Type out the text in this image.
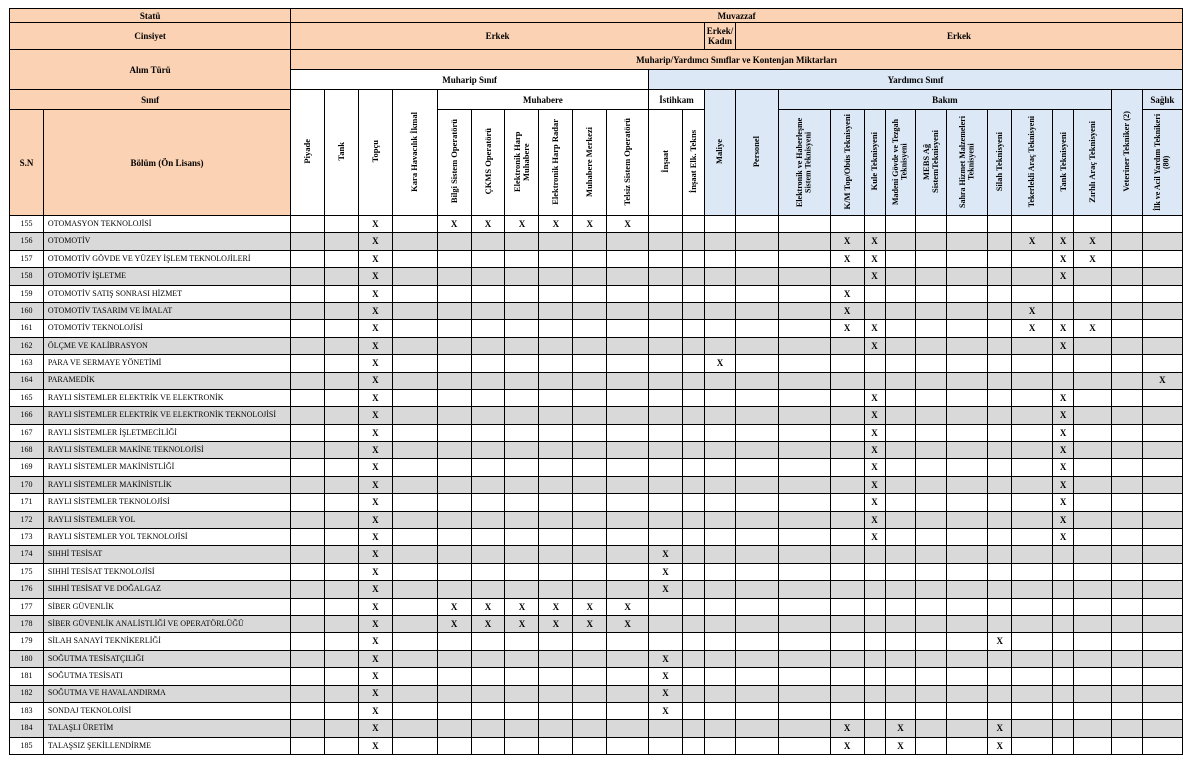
Statü		Muvazzaf																									
Cinsiyet		Erkek												Erkek/ Kadın	Erkek												
Alım Türü		Muharip/Yardımcı Sınıflar ve Kontenjan Miktarları																									
		Muharip Sınıf										Yardımcı Sınıf															
Sınıf		Piyade	Tank	Topçu	Kara Havacılık İkmal	Muhabere						İstihkam		Maliye	Personel	Bakım										Veteriner Tekniker (2)	Sağlık
S.N	Bölüm (Ön Lisans)					Bilgi Sistem Operatörü	ÇKMS Operatörü	Elektronik Harp Muhabere	Elektronik Harp Radar	Muhabere Merkezi	Telsiz Sistem Operatörü	İnşaat	İnşaat Elk. Tekns			Elektronik ve Haberleşme Sistem Teknisyeni	K/M Top/Obüs Teknisyeni	Kule Teknisyeni	Madeni Gövde ve Tezgah Teknisyeni	MEBS Ağ SistemTeknisyeni	Sahra Hizmet Malzemeleri Teknisyeni	Silah Teknisyeni	Tekerlekli Araç Teknisyeni	Tank Teknisyeni	Zırhlı Araç Teknisyeni		İlk ve Acil Yardım Teknikeri (80)
155	OTOMASYON TEKNOLOJİSİ			X		X	X	X	X	X	X																
156	OTOMOTİV			X													X	X					X	X	X		
157	OTOMOTİV GÖVDE VE YÜZEY İŞLEM TEKNOLOJİLERİ			X													X	X						X	X		
158	OTOMOTİV İŞLETME			X														X						X			
159	OTOMOTİV SATIŞ SONRASI HİZMET			X													X										
160	OTOMOTİV TASARIM VE İMALAT			X													X						X				
161	OTOMOTİV TEKNOLOJİSİ			X													X	X					X	X	X		
162	ÖLÇME VE KALİBRASYON			X														X						X			
163	PARA VE SERMAYE YÖNETİMİ			X										X													
164	PARAMEDİK			X																							X
165	RAYLI SİSTEMLER ELEKTRİK VE ELEKTRONİK			X														X						X			
166	RAYLI SİSTEMLER ELEKTRİK VE ELEKTRONİK TEKNOLOJİSİ			X														X						X			
167	RAYLI SİSTEMLER İŞLETMECİLİĞİ			X														X						X			
168	RAYLI SİSTEMLER MAKİNE TEKNOLOJİSİ			X														X						X			
169	RAYLI SİSTEMLER MAKİNİSTLİĞİ			X														X						X			
170	RAYLI SİSTEMLER MAKİNİSTLİK			X														X						X			
171	RAYLI SİSTEMLER TEKNOLOJİSİ			X														X						X			
172	RAYLI SİSTEMLER YOL			X														X						X			
173	RAYLI SİSTEMLER YOL TEKNOLOJİSİ			X														X						X			
174	SIHHİ TESİSAT			X								X															
175	SIHHİ TESİSAT TEKNOLOJİSİ			X								X															
176	SIHHİ TESİSAT VE DOĞALGAZ			X								X															
177	SİBER GÜVENLİK			X		X	X	X	X	X	X																
178	SİBER GÜVENLİK ANALİSTLİĞİ VE OPERATÖRLÜĞÜ			X		X	X	X	X	X	X																
179	SİLAH SANAYİ TEKNİKERLİĞİ			X																		X					
180	SOĞUTMA TESİSATÇILIĞI			X								X															
181	SOĞUTMA TESİSATI			X								X															
182	SOĞUTMA VE HAVALANDIRMA			X								X															
183	SONDAJ TEKNOLOJİSİ			X								X															
184	TALAŞLI ÜRETİM			X													X		X			X					
185	TALAŞSIZ ŞEKİLLENDİRME			X													X		X			X					
